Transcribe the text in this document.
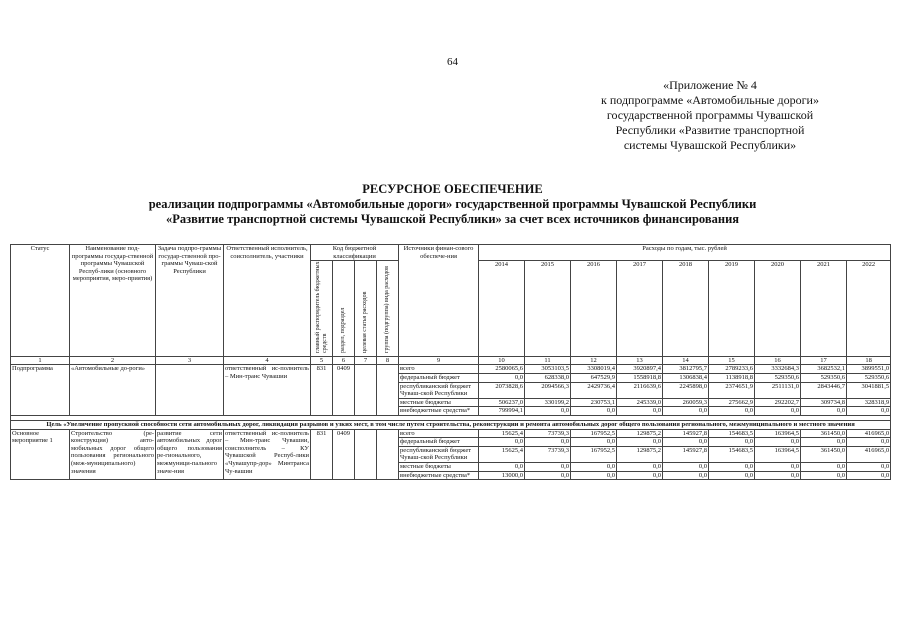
64
«Приложение № 4
к подпрограмме «Автомобильные дороги»
государственной программы Чувашской
Республики «Развитие транспортной
системы Чувашской Республики»
РЕСУРСНОЕ ОБЕСПЕЧЕНИЕ
реализации подпрограммы «Автомобильные дороги» государственной программы Чувашской Республики
«Развитие транспортной системы Чувашской Республики» за счет всех источников финансирования
Статус	Наименование под-программы государ-ственной программы Чувашской Респуб-лики (основного мероприятия, меро-приятия)	Задача подпро-граммы государ-ственной про-граммы Чуваш-ской Республики	Ответственный исполнитель, соисполнитель, участники	Код бюджетной классификации				Источники финан-сового обеспече-ния	Расходы по годам, тыс. рублей								
				главный распорядитель бюджетных средств	раздел, подраздел	целевая статья расходов	группа (подгруппа) вида расходов		2014	2015	2016	2017	2018	2019	2020	2021	2022
1	2	3	4	5	6	7	8	9	10	11	12	13	14	15	16	17	18
Подпрограмма	«Автомобильные до-роги»		ответственный ис-полнитель – Мин-транс Чувашии	831	0409			всего	2580065,6	3053103,5	3308019,4	3920897,4	3812795,7	2789233,6	3332684,3	3682532,1	3899551,0
								федеральный бюджет	0,0	628338,0	647529,9	1558918,8	1306838,4	1138918,8	529350,6	529350,6	529350,6
								республиканский бюджет Чуваш-ской Республики	2073828,6	2094566,3	2429736,4	2116639,6	2245898,0	2374651,9	2511131,0	2843446,7	3041881,5
								местные бюджеты	506237,0	330199,2	230753,1	245339,0	260059,3	275662,9	292202,7	309734,8	328318,9
								внебюджетные средства*	799994,1	0,0	0,0	0,0	0,0	0,0	0,0	0,0	0,0

Цель «Увеличение пропускной способности сети автомобильных дорог, ликвидация разрывов и узких мест, в том числе путем строительства, реконструкции и ремонта автомобильных дорог общего пользования регионального, межмуниципального и местного значения																	
Основное мероприятие 1	Строительство (ре-конструкция) авто-мобильных дорог общего пользования регионального (меж-муниципального) значения	развитие сети автомобильных дорог общего пользования ре-гионального, межмуници-пального значе-ния	ответственный ис-полнитель – Мин-транс Чувашии, соисполнитель – КУ Чувашской Респуб-лики «Чувашупр-дор» Минтранса Чу-вашии	831	0409			всего	15625,4	73739,3	167952,5	129875,2	145927,8	154683,5	163964,5	361450,0	416965,0
								федеральный бюджет	0,0	0,0	0,0	0,0	0,0	0,0	0,0	0,0	0,0
								республиканский бюджет Чуваш-ской Республики	15625,4	73739,3	167952,5	129875,2	145927,8	154683,5	163964,5	361450,0	416965,0
								местные бюджеты	0,0	0,0	0,0	0,0	0,0	0,0	0,0	0,0	0,0
								внебюджетные средства*	13000,0	0,0	0,0	0,0	0,0	0,0	0,0	0,0	0,0
